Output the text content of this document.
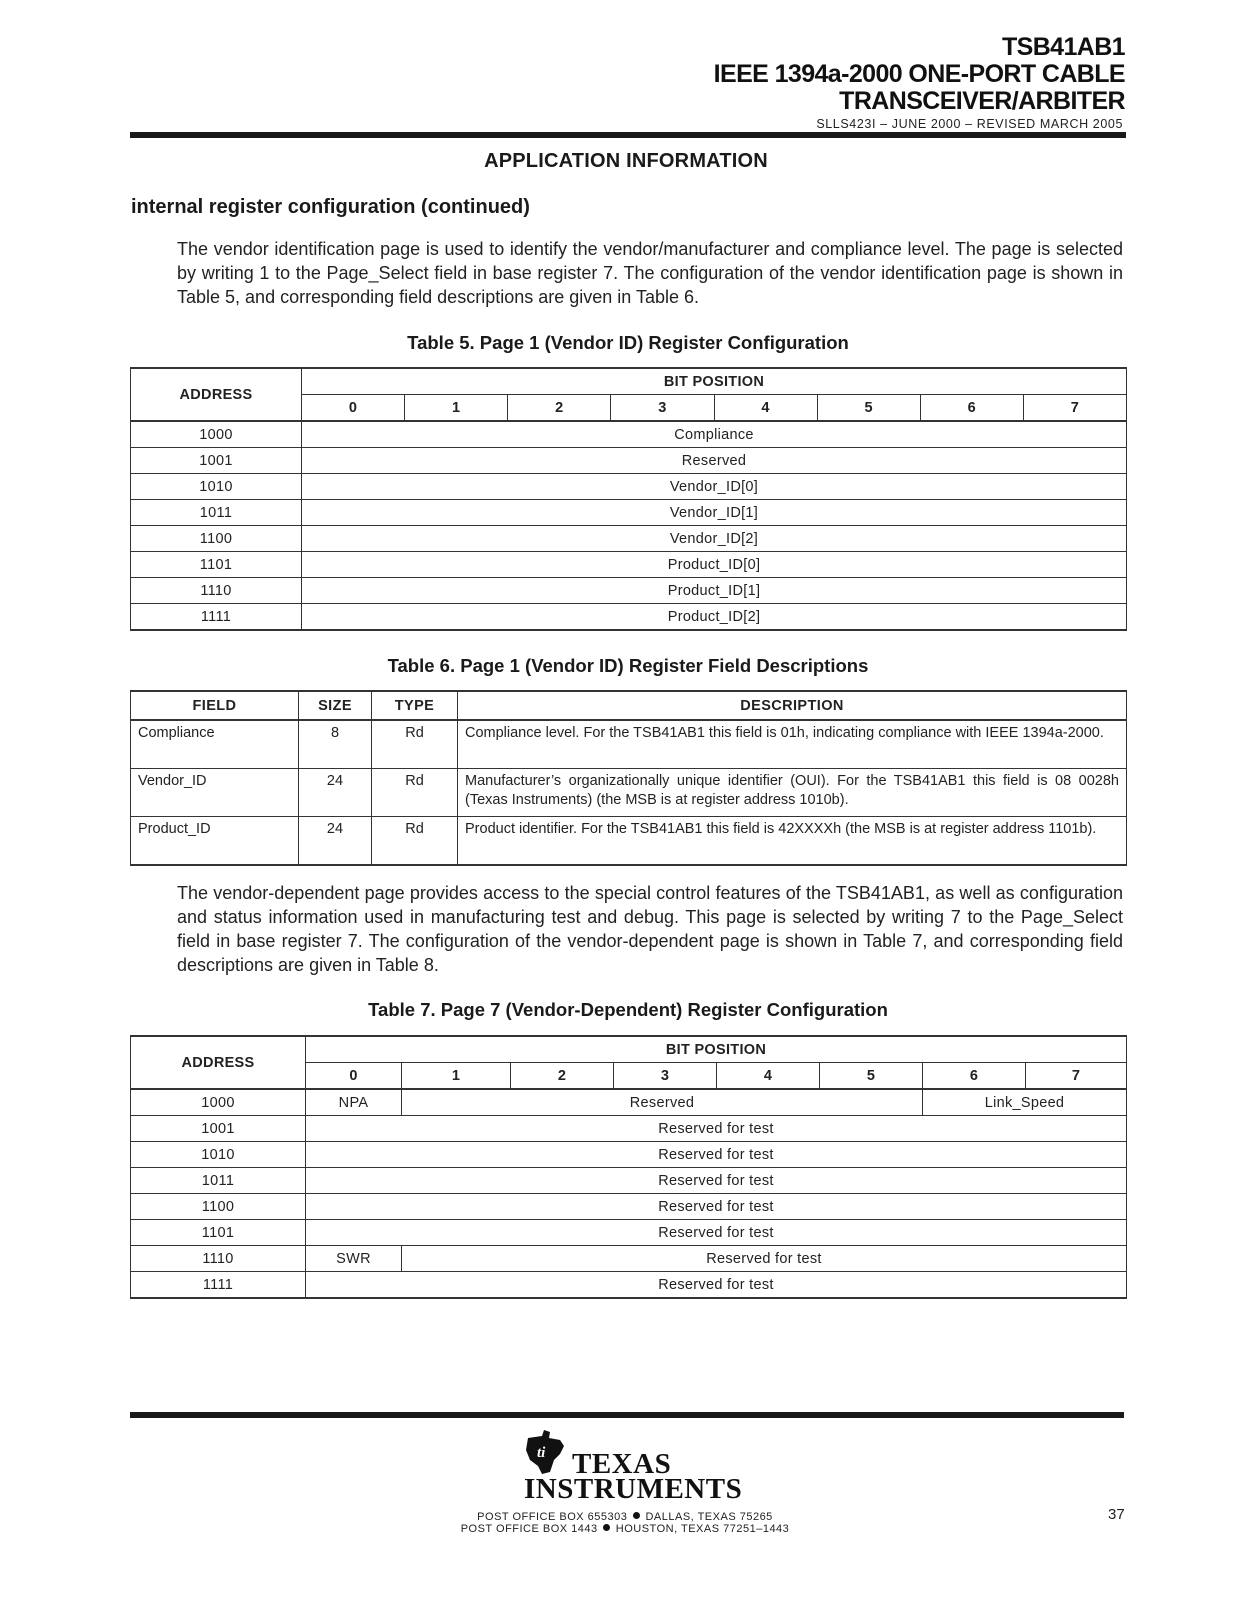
TSB41AB1
IEEE 1394a-2000 ONE-PORT CABLE
TRANSCEIVER/ARBITER
SLLS423I – JUNE 2000 – REVISED MARCH 2005
APPLICATION INFORMATION
internal register configuration (continued)
The vendor identification page is used to identify the vendor/manufacturer and compliance level. The page is selected by writing 1 to the Page_Select field in base register 7. The configuration of the vendor identification page is shown in Table 5, and corresponding field descriptions are given in Table 6.
Table 5. Page 1 (Vendor ID) Register Configuration
ADDRESS	BIT POSITION							
	0	1	2	3	4	5	6	7
1000	Compliance							
1001	Reserved							
1010	Vendor_ID[0]							
1011	Vendor_ID[1]							
1100	Vendor_ID[2]							
1101	Product_ID[0]							
1110	Product_ID[1]							
1111	Product_ID[2]							
Table 6. Page 1 (Vendor ID) Register Field Descriptions
FIELD	SIZE	TYPE	DESCRIPTION
Compliance	8	Rd	Compliance level. For the TSB41AB1 this field is 01h, indicating compliance with IEEE 1394a-2000.
Vendor_ID	24	Rd	Manufacturer’s organizationally unique identifier (OUI). For the TSB41AB1 this field is 08 0028h (Texas Instruments) (the MSB is at register address 1010b).
Product_ID	24	Rd	Product identifier. For the TSB41AB1 this field is 42XXXXh (the MSB is at register address 1101b).
The vendor-dependent page provides access to the special control features of the TSB41AB1, as well as configuration and status information used in manufacturing test and debug. This page is selected by writing 7 to the Page_Select field in base register 7. The configuration of the vendor-dependent page is shown in Table 7, and corresponding field descriptions are given in Table 8.
Table 7. Page 7 (Vendor-Dependent) Register Configuration
ADDRESS	BIT POSITION							
	0	1	2	3	4	5	6	7
1000	NPA	Reserved					Link_Speed	
1001	Reserved for test							
1010	Reserved for test							
1011	Reserved for test							
1100	Reserved for test							
1101	Reserved for test							
1110	SWR	Reserved for test						
1111	Reserved for test							
ti TEXAS
INSTRUMENTS
POST OFFICE BOX 655303 DALLAS, TEXAS 75265
POST OFFICE BOX 1443 HOUSTON, TEXAS 77251–1443
37
